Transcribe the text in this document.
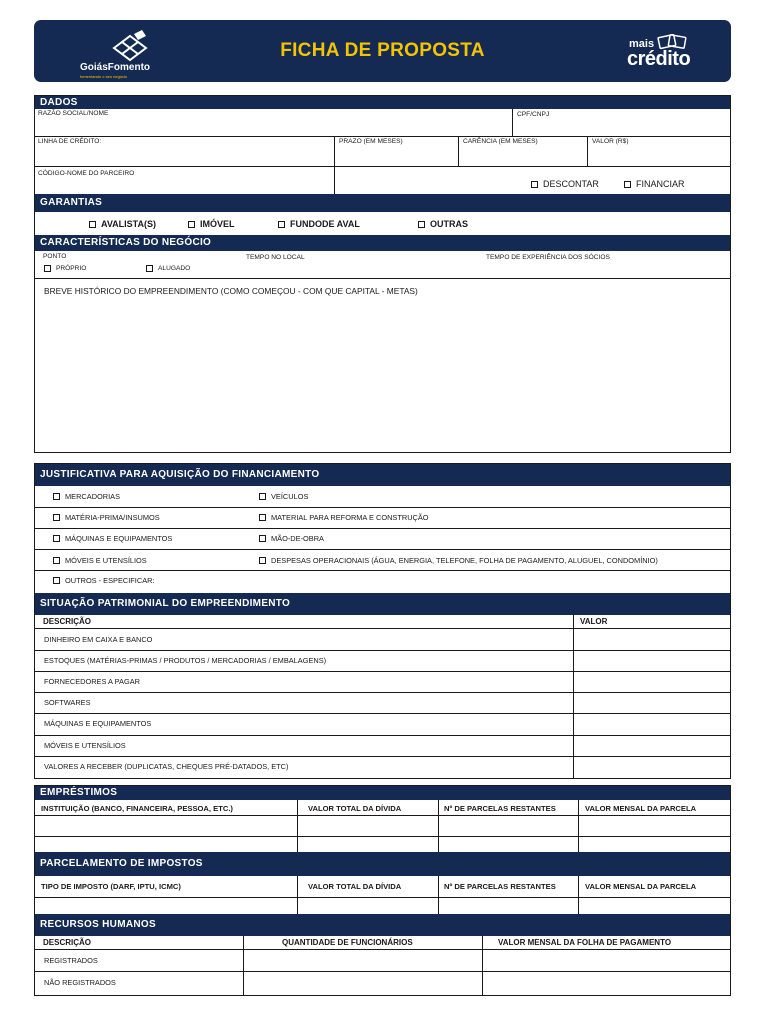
GoiásFomento
fomentando o seu negócio
FICHA DE PROPOSTA	mais
crédito
DADOS
RAZÃO SOCIAL/NOME	CPF/CNPJ
LINHA DE CRÉDITO:	PRAZO (EM MESES)	CARÊNCIA (EM MESES)	VALOR (R$)
CÓDIGO-NOME DO PARCEIRO
DESCONTAR	FINANCIAR
GARANTIAS
AVALISTA(S)	IMÓVEL	FUNDODE AVAL	OUTRAS
CARACTERÍSTICAS DO NEGÓCIO
PONTO
PRÓPRIO	ALUGADO
TEMPO NO LOCAL	TEMPO DE EXPERIÊNCIA DOS SÓCIOS
BREVE HISTÓRICO DO EMPREENDIMENTO (COMO COMEÇOU - COM QUE CAPITAL - METAS)
JUSTIFICATIVA PARA AQUISIÇÃO DO FINANCIAMENTO
MERCADORIAS
MATÉRIA-PRIMA/INSUMOS
MÁQUINAS E EQUIPAMENTOS
MÓVEIS E UTENSÍLIOS
OUTROS - ESPECIFICAR:
VEÍCULOS
MATERIAL PARA REFORMA E CONSTRUÇÃO
MÃO-DE-OBRA
DESPESAS OPERACIONAIS (ÁGUA, ENERGIA, TELEFONE, FOLHA DE PAGAMENTO, ALUGUEL, CONDOMÍNIO)
SITUAÇÃO PATRIMONIAL DO EMPREENDIMENTO
DESCRIÇÃO	VALOR
DINHEIRO EM CAIXA E BANCO
ESTOQUES (MATÉRIAS-PRIMAS / PRODUTOS / MERCADORIAS / EMBALAGENS)
FORNECEDORES A PAGAR
SOFTWARES
MÁQUINAS E EQUIPAMENTOS
MÓVEIS E UTENSÍLIOS
VALORES A RECEBER (DUPLICATAS, CHEQUES PRÉ-DATADOS, ETC)
EMPRÉSTIMOS
INSTITUIÇÃO (BANCO, FINANCEIRA, PESSOA, ETC.)	VALOR TOTAL DA DÍVIDA	Nº DE PARCELAS RESTANTES	VALOR MENSAL DA PARCELA
PARCELAMENTO DE IMPOSTOS
TIPO DE IMPOSTO (DARF, IPTU, ICMC)	VALOR TOTAL DA DÍVIDA	Nº DE PARCELAS RESTANTES	VALOR MENSAL DA PARCELA
RECURSOS HUMANOS
DESCRIÇÃO	QUANTIDADE DE FUNCIONÁRIOS	VALOR MENSAL DA FOLHA DE PAGAMENTO
REGISTRADOS
NÃO REGISTRADOS
